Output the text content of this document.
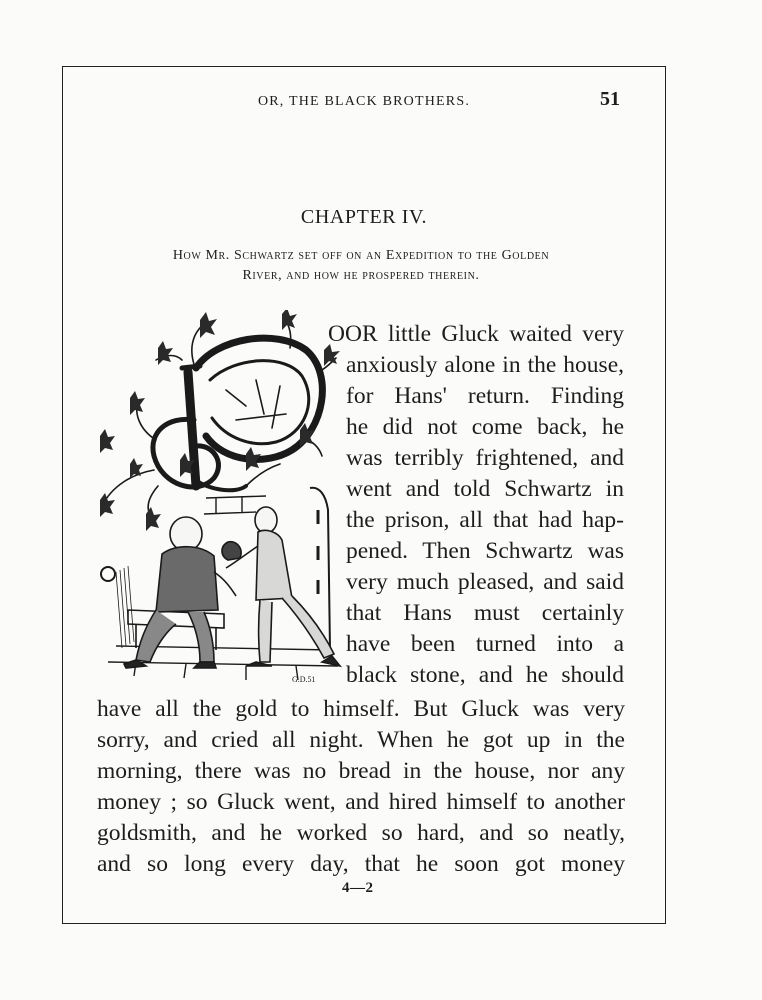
OR, THE BLACK BROTHERS.	51
CHAPTER IV.
How Mr. Schwartz set off on an Expedition to the Golden
River, and how he prospered therein.
G.D.51
OOR little Gluck waited very
anxiously alone in the house,
for Hans' return. Finding
he did not come back, he
was terribly frightened, and
went and told Schwartz in
the prison, all that had hap-
pened. Then Schwartz was
very much pleased, and said
that Hans must certainly
have been turned into a
black stone, and he should
have all the gold to himself. But Gluck was very
sorry, and cried all night. When he got up in the
morning, there was no bread in the house, nor any
money ; so Gluck went, and hired himself to another
goldsmith, and he worked so hard, and so neatly,
and so long every day, that he soon got money
4—2
